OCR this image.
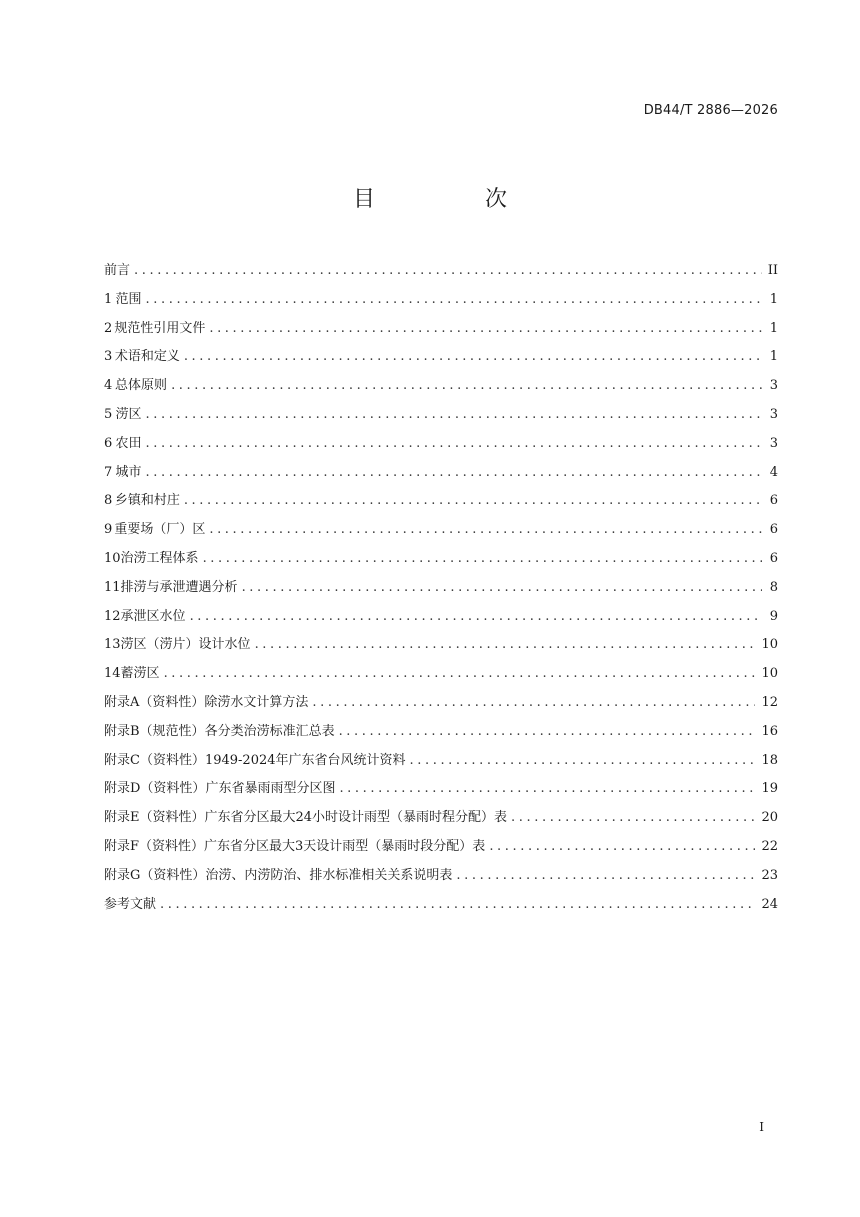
DB44/T 2886—2026
目　次
前言 .....	II
1 范围 .....	1
2 规范性引用文件 .....	1
3 术语和定义 .....	1
4 总体原则 .....	3
5 涝区 .....	3
6 农田 .....	3
7 城市 .....	4
8 乡镇和村庄 .....	6
9 重要场（厂）区 .....	6
10 治涝工程体系 .....	6
11 排涝与承泄遭遇分析 .....	8
12 承泄区水位 .....	9
13 涝区（涝片）设计水位 .....	10
14 蓄涝区 .....	10
附录A（资料性） 除涝水文计算方法 .....	12
附录B（规范性） 各分类治涝标准汇总表 .....	16
附录C（资料性） 1949-2024年广东省台风统计资料 .....	18
附录D（资料性） 广东省暴雨雨型分区图 .....	19
附录E（资料性） 广东省分区最大24小时设计雨型（暴雨时程分配）表 .....	20
附录F（资料性） 广东省分区最大3天设计雨型（暴雨时段分配）表 .....	22
附录G（资料性） 治涝、内涝防治、排水标准相关关系说明表 .....	23
参考文献 .....	24
I
